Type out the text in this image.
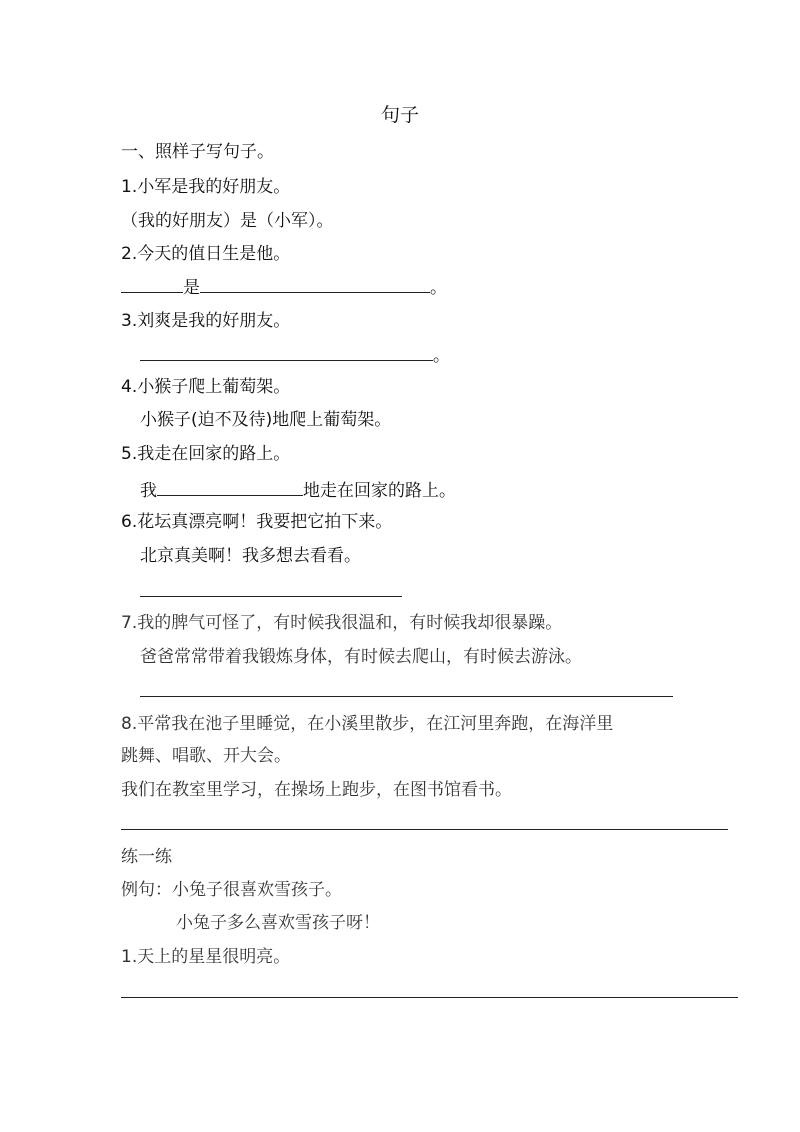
句子
一、照样子写句子。
1.小军是我的好朋友。
（我的好朋友）是（小军）。
2.今天的值日生是他。
是	。
3.刘爽是我的好朋友。
。
4.小猴子爬上葡萄架。
小猴子(迫不及待)地爬上葡萄架。
5.我走在回家的路上。
我	地走在回家的路上。
6.花坛真漂亮啊！我要把它拍下来。
北京真美啊！我多想去看看。
7.我的脾气可怪了，有时候我很温和，有时候我却很暴躁。
爸爸常常带着我锻炼身体，有时候去爬山，有时候去游泳。
8.平常我在池子里睡觉，在小溪里散步，在江河里奔跑，在海洋里
跳舞、唱歌、开大会。
我们在教室里学习，在操场上跑步，在图书馆看书。
练一练
例句：小兔子很喜欢雪孩子。
小兔子多么喜欢雪孩子呀！
1.天上的星星很明亮。
